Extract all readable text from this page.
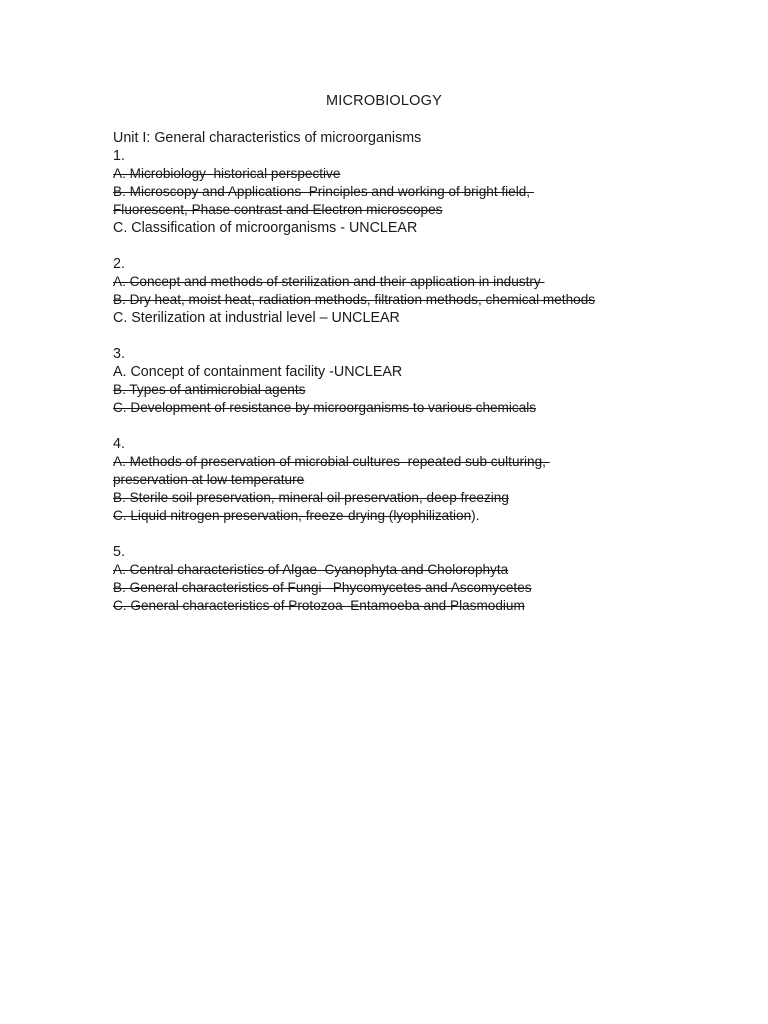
MICROBIOLOGY
Unit I: General characteristics of microorganisms
1.
A. Microbiology  historical perspective
B. Microscopy and Applications  Principles and working of bright field,
Fluorescent, Phase contrast and Electron microscopes
C. Classification of microorganisms - UNCLEAR
2.
A. Concept and methods of sterilization and their application in industry
B. Dry heat, moist heat, radiation methods, filtration methods, chemical methods
C. Sterilization at industrial level – UNCLEAR
3.
A. Concept of containment facility -UNCLEAR
B. Types of antimicrobial agents
C. Development of resistance by microorganisms to various chemicals
4.
A. Methods of preservation of microbial cultures  repeated sub culturing,
preservation at low temperature
B. Sterile soil preservation, mineral oil preservation, deep freezing
C. Liquid nitrogen preservation, freeze-drying (lyophilization).
5.
A. Central characteristics of Algae  Cyanophyta and Cholorophyta
B. General characteristics of Fungi   Phycomycetes and Ascomycetes
C. General characteristics of Protozoa  Entamoeba and Plasmodium
